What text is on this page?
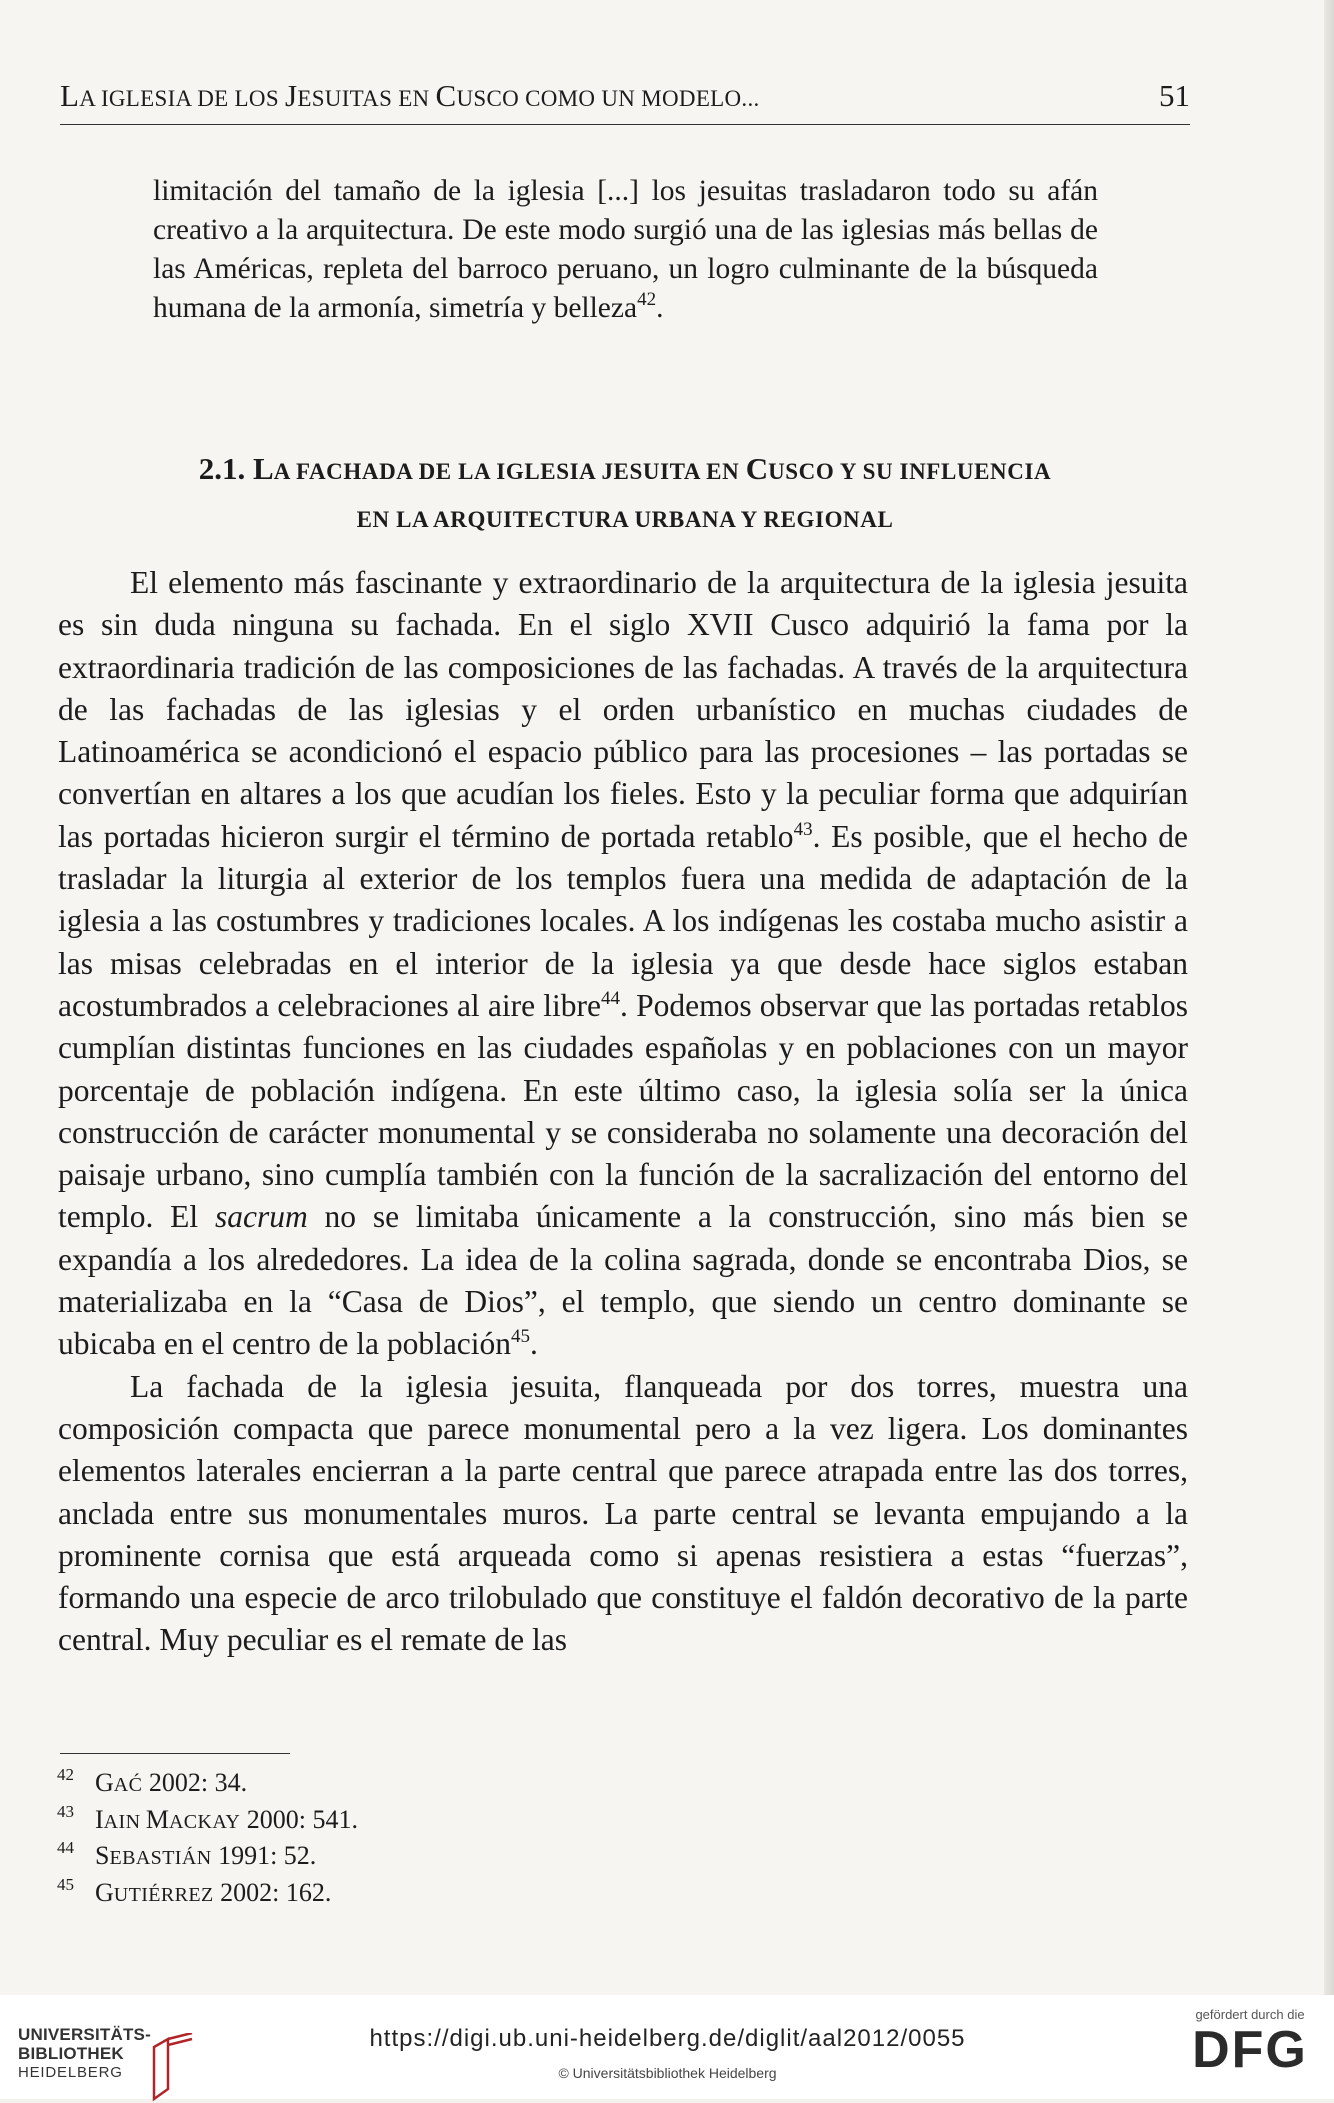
LA IGLESIA DE LOS JESUITAS EN CUSCO COMO UN MODELO...	51
limitación del tamaño de la iglesia [...] los jesuitas trasladaron todo su afán creativo a la arquitectura. De este modo surgió una de las iglesias más bellas de las Américas, repleta del barroco peruano, un logro culminante de la búsqueda humana de la armonía, simetría y belleza$^{42}$.
2.1. LA FACHADA DE LA IGLESIA JESUITA EN CUSCO Y SU INFLUENCIA
EN LA ARQUITECTURA URBANA Y REGIONAL

El elemento más fascinante y extraordinario de la arquitectura de la iglesia jesuita es sin duda ninguna su fachada. En el siglo XVII Cusco adquirió la fama por la extraordinaria tradición de las composiciones de las fachadas. A través de la arquitectura de las fachadas de las iglesias y el orden urbanístico en muchas ciudades de Latinoamérica se acondicionó el espacio público para las procesiones – las portadas se convertían en altares a los que acudían los fieles. Esto y la peculiar forma que adquirían las portadas hicieron surgir el término de portada retablo$^{43}$. Es posible, que el hecho de trasladar la liturgia al exterior de los templos fuera una medida de adaptación de la iglesia a las costumbres y tradiciones locales. A los indígenas les costaba mucho asistir a las misas celebradas en el interior de la iglesia ya que desde hace siglos estaban acostumbrados a celebraciones al aire libre$^{44}$. Podemos observar que las portadas retablos cumplían distintas funciones en las ciudades españolas y en poblaciones con un mayor porcentaje de población indígena. En este último caso, la iglesia solía ser la única construcción de carácter monumental y se consideraba no solamente una decoración del paisaje urbano, sino cumplía también con la función de la sacralización del entorno del templo. El sacrum no se limitaba únicamente a la construcción, sino más bien se expandía a los alrededores. La idea de la colina sagrada, donde se encontraba Dios, se materializaba en la “Casa de Dios”, el templo, que siendo un centro dominante se ubicaba en el centro de la población$^{45}$.

La fachada de la iglesia jesuita, flanqueada por dos torres, muestra una composición compacta que parece monumental pero a la vez ligera. Los dominantes elementos laterales encierran a la parte central que parece atrapada entre las dos torres, anclada entre sus monumentales muros. La parte central se levanta empujando a la prominente cornisa que está arqueada como si apenas resistiera a estas “fuerzas”, formando una especie de arco trilobulado que constituye el faldón decorativo de la parte central. Muy peculiar es el remate de las

42 GAĆ 2002: 34.
43 IAIN MACKAY 2000: 541.
44 SEBASTIÁN 1991: 52.
45 GUTIÉRREZ 2002: 162.
UNIVERSITÄTS-
BIBLIOTHEK
HEIDELBERG
https://digi.ub.uni-heidelberg.de/diglit/aal2012/0055
© Universitätsbibliothek Heidelberg
gefördert durch die
DFG
